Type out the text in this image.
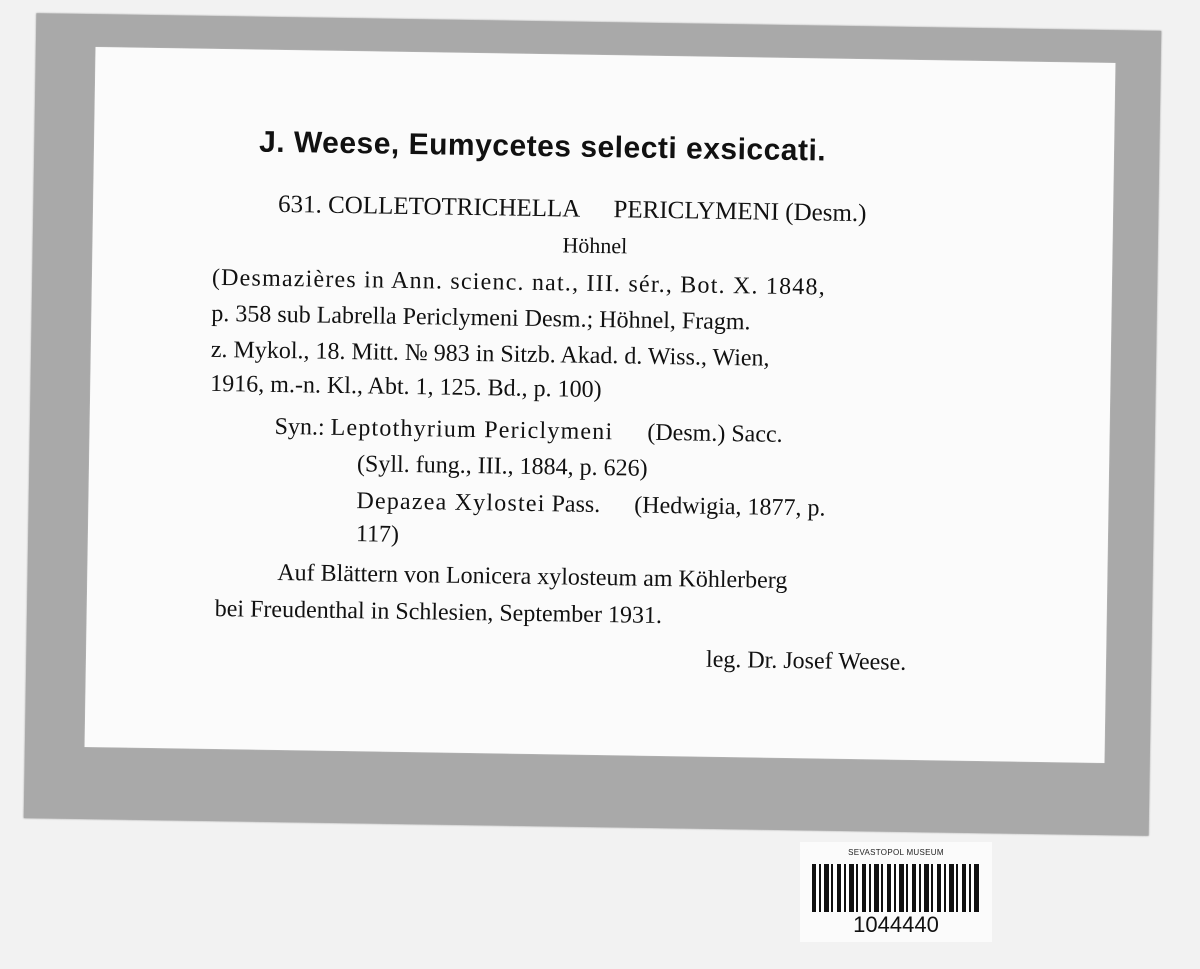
J. Weese, Eumycetes selecti exsiccati.
631. COLLETOTRICHELLA PERICLYMENI (Desm.)
Höhnel
(Desmazières in Ann. scienc. nat., III. sér., Bot. X. 1848,
p. 358 sub Labrella Periclymeni Desm.; Höhnel, Fragm.
z. Mykol., 18. Mitt. № 983 in Sitzb. Akad. d. Wiss., Wien,
1916, m.-n. Kl., Abt. 1, 125. Bd., p. 100)
Syn.: Leptothyrium Periclymeni (Desm.) Sacc.
(Syll. fung., III., 1884, p. 626)
Depazea Xylostei Pass. (Hedwigia, 1877, p.
117)
Auf Blättern von Lonicera xylosteum am Köhlerberg
bei Freudenthal in Schlesien, September 1931.
leg. Dr. Josef Weese.
SEVASTOPOL MUSEUM
1044440
